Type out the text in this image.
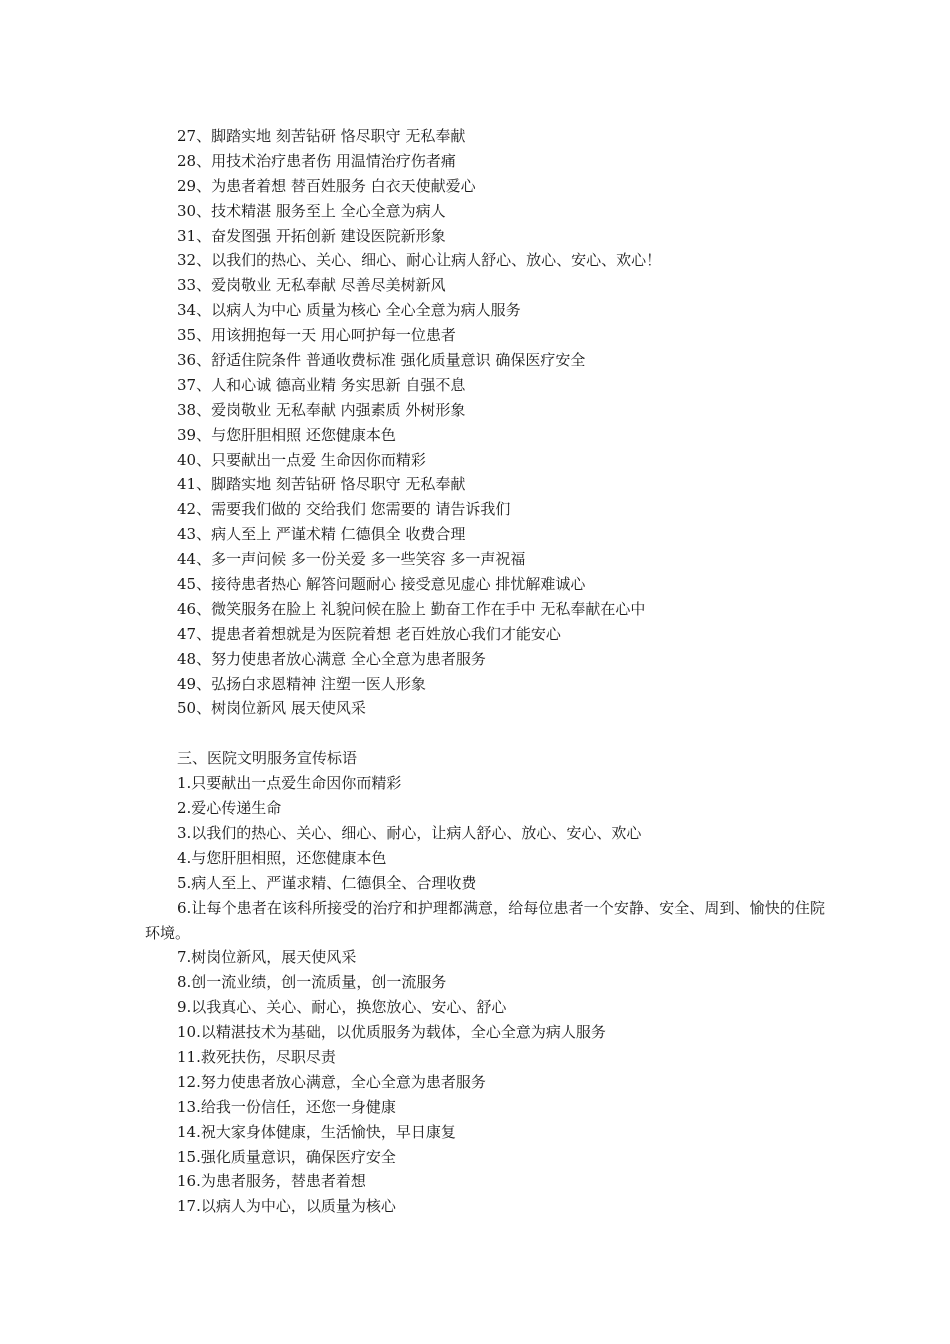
27、脚踏实地 刻苦钻研 恪尽职守 无私奉献
28、用技术治疗患者伤 用温情治疗伤者痛
29、为患者着想 替百姓服务 白衣天使献爱心
30、技术精湛 服务至上 全心全意为病人
31、奋发图强 开拓创新 建设医院新形象
32、以我们的热心、关心、细心、耐心让病人舒心、放心、安心、欢心！
33、爱岗敬业 无私奉献 尽善尽美树新风
34、以病人为中心 质量为核心 全心全意为病人服务
35、用该拥抱每一天 用心呵护每一位患者
36、舒适住院条件 普通收费标准 强化质量意识 确保医疗安全
37、人和心诚 德高业精 务实思新 自强不息
38、爱岗敬业 无私奉献 内强素质 外树形象
39、与您肝胆相照 还您健康本色
40、只要献出一点爱 生命因你而精彩
41、脚踏实地 刻苦钻研 恪尽职守 无私奉献
42、需要我们做的 交给我们 您需要的 请告诉我们
43、病人至上 严谨术精 仁德俱全 收费合理
44、多一声问候 多一份关爱 多一些笑容 多一声祝福
45、接待患者热心 解答问题耐心 接受意见虚心 排忧解难诚心
46、微笑服务在脸上 礼貌问候在脸上 勤奋工作在手中 无私奉献在心中
47、提患者着想就是为医院着想 老百姓放心我们才能安心
48、努力使患者放心满意 全心全意为患者服务
49、弘扬白求恩精神 注塑一医人形象
50、树岗位新风 展天使风采
三、医院文明服务宣传标语
1.只要献出一点爱生命因你而精彩
2.爱心传递生命
3.以我们的热心、关心、细心、耐心，让病人舒心、放心、安心、欢心
4.与您肝胆相照，还您健康本色
5.病人至上、严谨求精、仁德俱全、合理收费
6.让每个患者在该科所接受的治疗和护理都满意，给每位患者一个安静、安全、周到、愉快的住院环境。
7.树岗位新风，展天使风采
8.创一流业绩，创一流质量，创一流服务
9.以我真心、关心、耐心，换您放心、安心、舒心
10.以精湛技术为基础，以优质服务为载体，全心全意为病人服务
11.救死扶伤，尽职尽责
12.努力使患者放心满意，全心全意为患者服务
13.给我一份信任，还您一身健康
14.祝大家身体健康，生活愉快，早日康复
15.强化质量意识，确保医疗安全
16.为患者服务，替患者着想
17.以病人为中心，以质量为核心
